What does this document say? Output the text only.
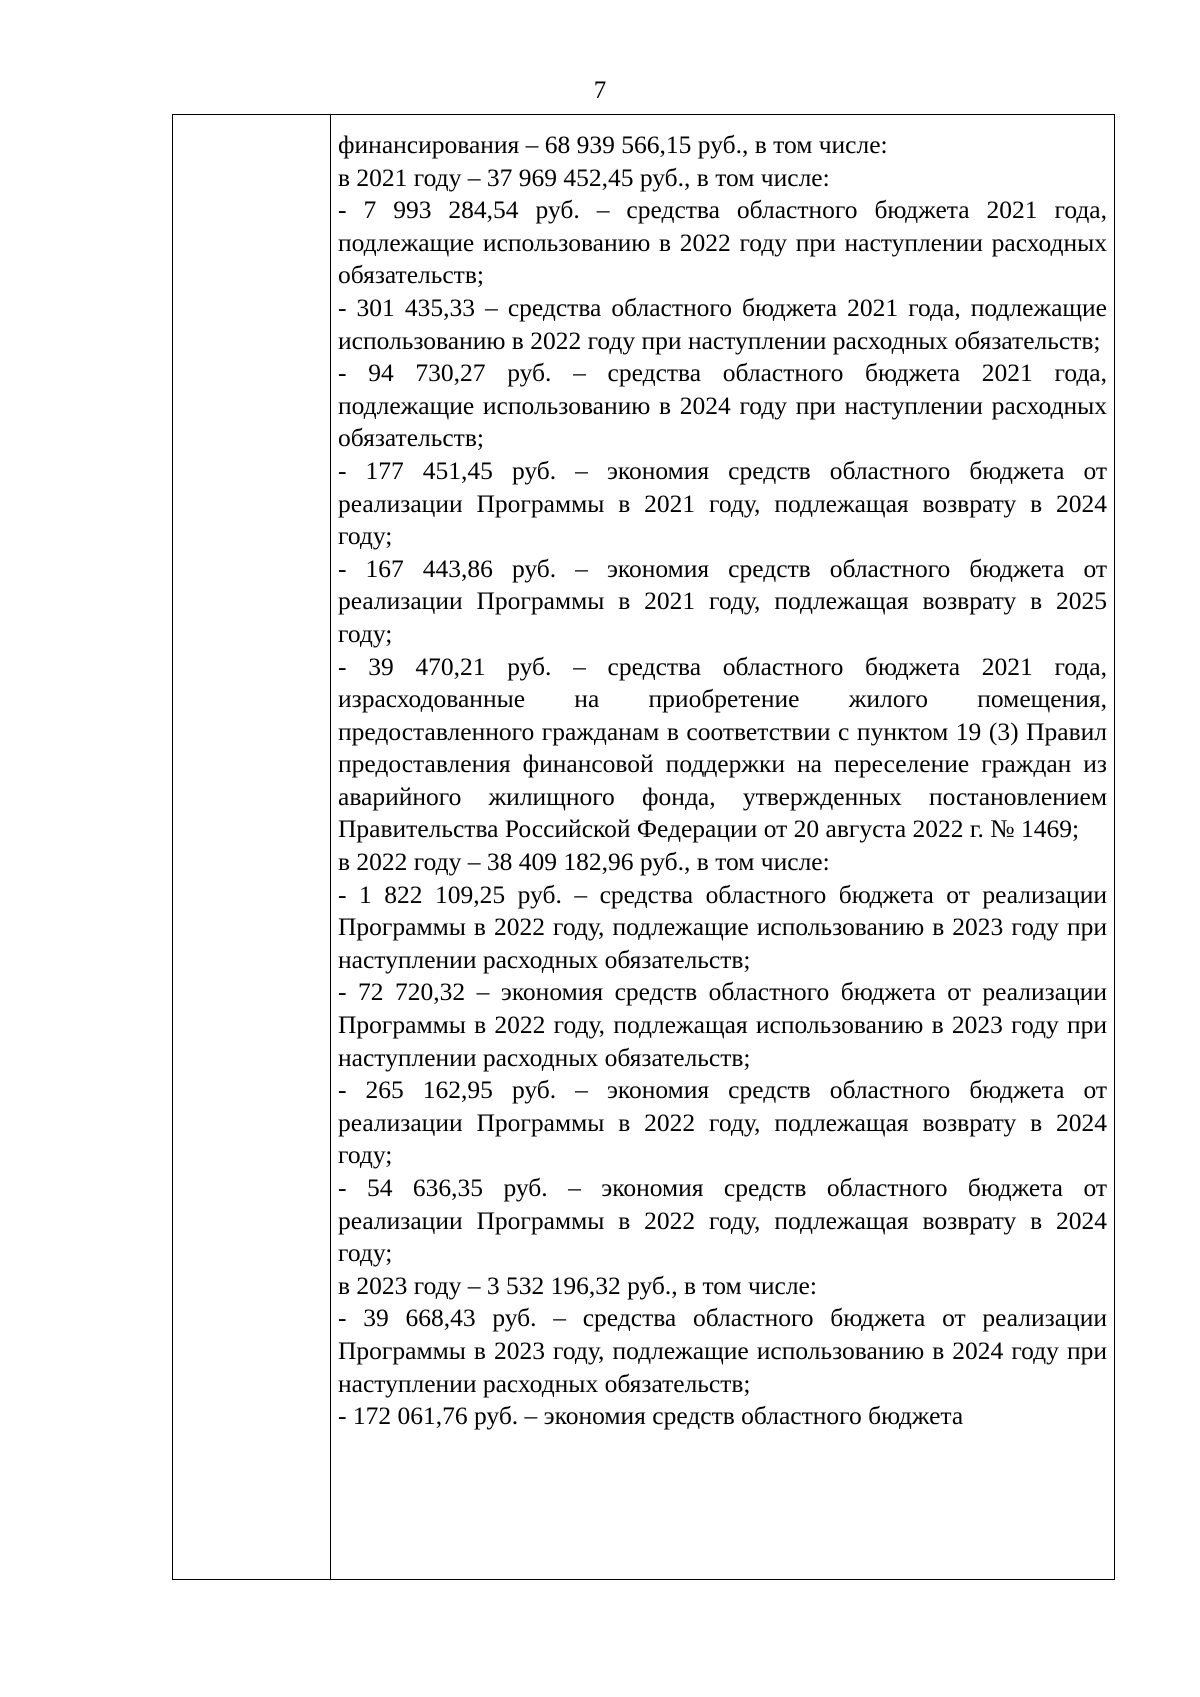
7

финансирования – 68 939 566,15 руб., в том числе:

в 2021 году – 37 969 452,45 руб., в том числе:

- 7 993 284,54 руб. – средства областного бюджета 2021 года, подлежащие использованию в 2022 году при наступлении расходных обязательств;

- 301 435,33 – средства областного бюджета 2021 года, подлежащие использованию в 2022 году при наступлении расходных обязательств;

- 94 730,27 руб. – средства областного бюджета 2021 года, подлежащие использованию в 2024 году при наступлении расходных обязательств;

- 177 451,45 руб. – экономия средств областного бюджета от реализации Программы в 2021 году, подлежащая возврату в 2024 году;

- 167 443,86 руб. – экономия средств областного бюджета от реализации Программы в 2021 году, подлежащая возврату в 2025 году;

- 39 470,21 руб. – средства областного бюджета 2021 года, израсходованные на приобретение жилого помещения, предоставленного гражданам в соответствии с пунктом 19 (3) Правил предоставления финансовой поддержки на переселение граждан из аварийного жилищного фонда, утвержденных постановлением Правительства Российской Федерации от 20 августа 2022 г. № 1469;

в 2022 году – 38 409 182,96 руб., в том числе:

- 1 822 109,25 руб. – средства областного бюджета от реализации Программы в 2022 году, подлежащие использованию в 2023 году при наступлении расходных обязательств;

- 72 720,32 – экономия средств областного бюджета от реализации Программы в 2022 году, подлежащая использованию в 2023 году при наступлении расходных обязательств;

- 265 162,95 руб. – экономия средств областного бюджета от реализации Программы в 2022 году, подлежащая возврату в 2024 году;

- 54 636,35 руб. – экономия средств областного бюджета от реализации Программы в 2022 году, подлежащая возврату в 2024 году;

в 2023 году – 3 532 196,32 руб., в том числе:

- 39 668,43 руб. – средства областного бюджета от реализации Программы в 2023 году, подлежащие использованию в 2024 году при наступлении расходных обязательств;

- 172 061,76 руб. – экономия средств областного бюджета
